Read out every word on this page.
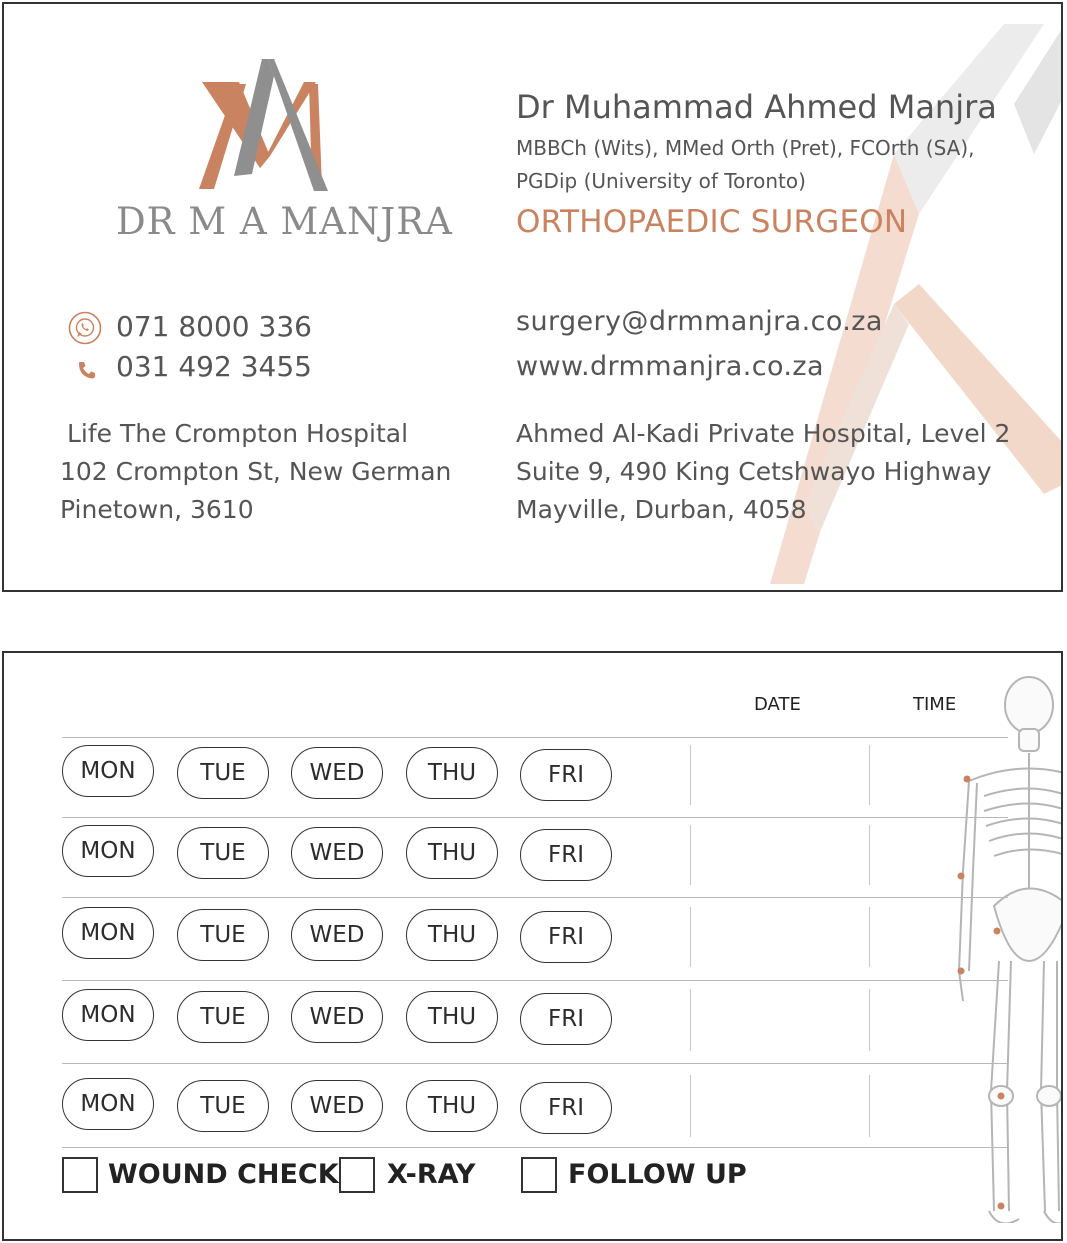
DR M A MANJRA
Dr Muhammad Ahmed Manjra
MBBCh (Wits), MMed Orth (Pret), FCOrth (SA),
PGDip (University of Toronto)
ORTHOPAEDIC SURGEON
071 8000 336
031 492 3455
surgery@drmmanjra.co.za
www.drmmanjra.co.za
Life The Crompton Hospital
102 Crompton St, New German
Pinetown, 3610
Ahmed Al-Kadi Private Hospital, Level 2
Suite 9, 490 King Cetshwayo Highway
Mayville, Durban, 4058
DATE	TIME
MON	TUE	WED	THU	FRI
MON	TUE	WED	THU	FRI
MON	TUE	WED	THU	FRI
MON	TUE	WED	THU	FRI
MON	TUE	WED	THU	FRI
WOUND CHECK X-RAY	FOLLOW UP
